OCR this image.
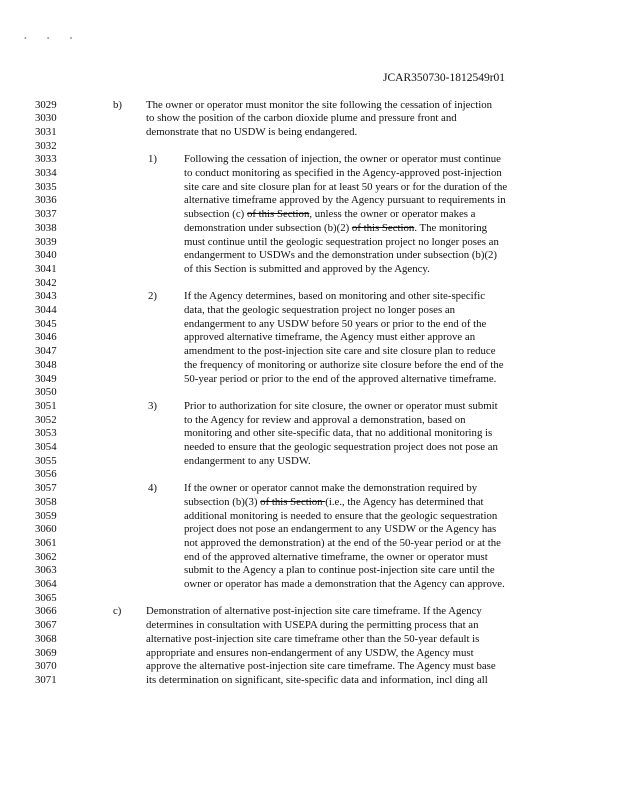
• • •
JCAR350730-1812549r01
3029	b) The owner or operator must monitor the site following the cessation of injection
3030	to show the position of the carbon dioxide plume and pressure front and
3031	demonstrate that no USDW is being endangered.
3032
3033	1)	Following the cessation of injection, the owner or operator must continue
3034	to conduct monitoring as specified in the Agency-approved post-injection
3035	site care and site closure plan for at least 50 years or for the duration of the
3036	alternative timeframe approved by the Agency pursuant to requirements in
3037	subsection (c) of this Section, unless the owner or operator makes a
3038	demonstration under subsection (b)(2) of this Section. The monitoring
3039	must continue until the geologic sequestration project no longer poses an
3040	endangerment to USDWs and the demonstration under subsection (b)(2)
3041	of this Section is submitted and approved by the Agency.
3042
3043	2)	If the Agency determines, based on monitoring and other site-specific
3044	data, that the geologic sequestration project no longer poses an
3045	endangerment to any USDW before 50 years or prior to the end of the
3046	approved alternative timeframe, the Agency must either approve an
3047	amendment to the post-injection site care and site closure plan to reduce
3048	the frequency of monitoring or authorize site closure before the end of the
3049	50-year period or prior to the end of the approved alternative timeframe.
3050
3051	3)	Prior to authorization for site closure, the owner or operator must submit
3052	to the Agency for review and approval a demonstration, based on
3053	monitoring and other site-specific data, that no additional monitoring is
3054	needed to ensure that the geologic sequestration project does not pose an
3055	endangerment to any USDW.
3056
3057	4)	If the owner or operator cannot make the demonstration required by
3058	subsection (b)(3) of this Section (i.e., the Agency has determined that
3059	additional monitoring is needed to ensure that the geologic sequestration
3060	project does not pose an endangerment to any USDW or the Agency has
3061	not approved the demonstration) at the end of the 50-year period or at the
3062	end of the approved alternative timeframe, the owner or operator must
3063	submit to the Agency a plan to continue post-injection site care until the
3064	owner or operator has made a demonstration that the Agency can approve.
3065
3066	c) Demonstration of alternative post-injection site care timeframe. If the Agency
3067	determines in consultation with USEPA during the permitting process that an
3068	alternative post-injection site care timeframe other than the 50-year default is
3069	appropriate and ensures non-endangerment of any USDW, the Agency must
3070	approve the alternative post-injection site care timeframe. The Agency must base
3071	its determination on significant, site-specific data and information, incl ding all
